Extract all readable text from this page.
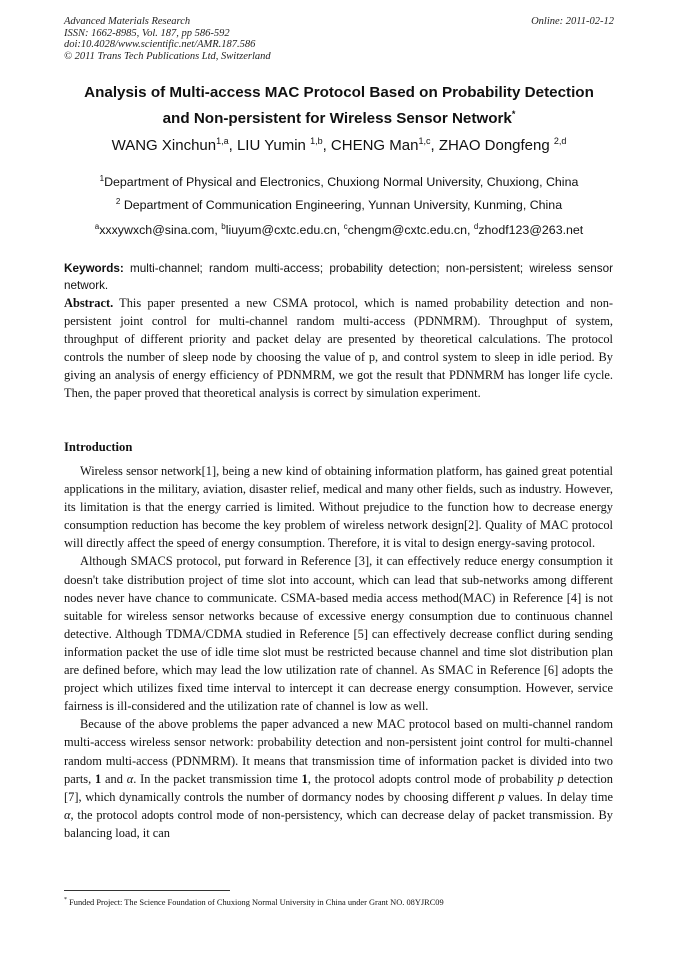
Advanced Materials Research
ISSN: 1662-8985, Vol. 187, pp 586-592
doi:10.4028/www.scientific.net/AMR.187.586
© 2011 Trans Tech Publications Ltd, Switzerland
Online: 2011-02-12
Analysis of Multi-access MAC Protocol Based on Probability Detection
and Non-persistent for Wireless Sensor Network*
WANG Xinchun$^{1,a}$, LIU Yumin $^{1,b}$, CHENG Man$^{1,c}$, ZHAO Dongfeng $^{2,d}$
$^1$Department of Physical and Electronics, Chuxiong Normal University, Chuxiong, China
$^2$ Department of Communication Engineering, Yunnan University, Kunming, China
$^a$xxxywxch@sina.com, $^b$liuyum@cxtc.edu.cn, $^c$chengm@cxtc.edu.cn, $^d$zhodf123@263.net
Keywords: multi-channel; random multi-access; probability detection; non-persistent; wireless sensor network.
Abstract. This paper presented a new CSMA protocol, which is named probability detection and non-persistent joint control for multi-channel random multi-access (PDNMRM). Throughput of system, throughput of different priority and packet delay are presented by theoretical calculations. The protocol controls the number of sleep node by choosing the value of p, and control system to sleep in idle period. By giving an analysis of energy efficiency of PDNMRM, we got the result that PDNMRM has longer life cycle. Then, the paper proved that theoretical analysis is correct by simulation experiment.
Introduction

Wireless sensor network[1], being a new kind of obtaining information platform, has gained great potential applications in the military, aviation, disaster relief, medical and many other fields, such as industry. However, its limitation is that the energy carried is limited. Without prejudice to the function how to decrease energy consumption reduction has become the key problem of wireless network design[2]. Quality of MAC protocol will directly affect the speed of energy consumption. Therefore, it is vital to design energy-saving protocol.

Although SMACS protocol, put forward in Reference [3], it can effectively reduce energy consumption it doesn't take distribution project of time slot into account, which can lead that sub-networks among different nodes never have chance to communicate. CSMA-based media access method(MAC) in Reference [4] is not suitable for wireless sensor networks because of excessive energy consumption due to continuous channel detective. Although TDMA/CDMA studied in Reference [5] can effectively decrease conflict during sending information packet the use of idle time slot must be restricted because channel and time slot distribution plan are defined before, which may lead the low utilization rate of channel. As SMAC in Reference [6] adopts the project which utilizes fixed time interval to intercept it can decrease energy consumption. However, service fairness is ill-considered and the utilization rate of channel is low as well.

Because of the above problems the paper advanced a new MAC protocol based on multi-channel random multi-access wireless sensor network: probability detection and non-persistent joint control for multi-channel random multi-access (PDNMRM). It means that transmission time of information packet is divided into two parts, 1 and α. In the packet transmission time 1, the protocol adopts control mode of probability p detection [7], which dynamically controls the number of dormancy nodes by choosing different p values. In delay time α, the protocol adopts control mode of non-persistency, which can decrease delay of packet transmission. By balancing load, it can

* Funded Project: The Science Foundation of Chuxiong Normal University in China under Grant NO. 08YJRC09
